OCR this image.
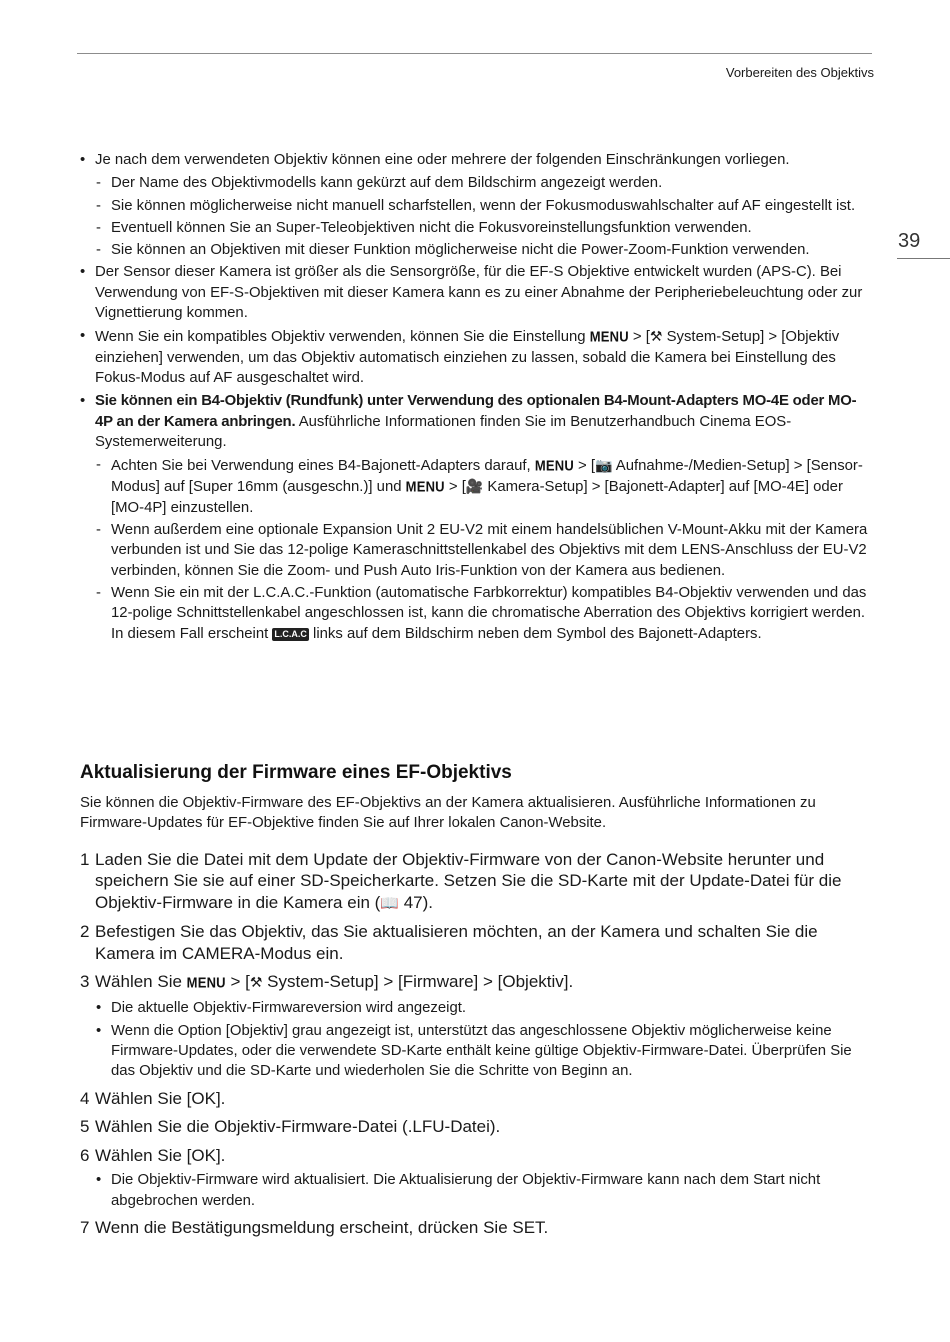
Vorbereiten des Objektivs
39
• Je nach dem verwendeten Objektiv können eine oder mehrere der folgenden Einschränkungen vorliegen.
- Der Name des Objektivmodells kann gekürzt auf dem Bildschirm angezeigt werden.
- Sie können möglicherweise nicht manuell scharfstellen, wenn der Fokusmoduswahlschalter auf AF eingestellt ist.
- Eventuell können Sie an Super-Teleobjektiven nicht die Fokusvoreinstellungsfunktion verwenden.
- Sie können an Objektiven mit dieser Funktion möglicherweise nicht die Power-Zoom-Funktion verwenden.
• Der Sensor dieser Kamera ist größer als die Sensorgröße, für die EF-S Objektive entwickelt wurden (APS-C). Bei Verwendung von EF-S-Objektiven mit dieser Kamera kann es zu einer Abnahme der Peripheriebeleuchtung oder zur Vignettierung kommen.
• Wenn Sie ein kompatibles Objektiv verwenden, können Sie die Einstellung MENU > [⚒ System-Setup] > [Objektiv einziehen] verwenden, um das Objektiv automatisch einziehen zu lassen, sobald die Kamera bei Einstellung des Fokus-Modus auf AF ausgeschaltet wird.
• Sie können ein B4-Objektiv (Rundfunk) unter Verwendung des optionalen B4-Mount-Adapters MO-4E oder MO-4P an der Kamera anbringen. Ausführliche Informationen finden Sie im Benutzerhandbuch Cinema EOS-Systemerweiterung.
- Achten Sie bei Verwendung eines B4-Bajonett-Adapters darauf, MENU > [📷 Aufnahme-/Medien-Setup] > [Sensor-Modus] auf [Super 16mm (ausgeschn.)] und MENU > [🎥 Kamera-Setup] > [Bajonett-Adapter] auf [MO-4E] oder [MO-4P] einzustellen.
- Wenn außerdem eine optionale Expansion Unit 2 EU-V2 mit einem handelsüblichen V-Mount-Akku mit der Kamera verbunden ist und Sie das 12-polige Kameraschnittstellenkabel des Objektivs mit dem LENS-Anschluss der EU-V2 verbinden, können Sie die Zoom- und Push Auto Iris-Funktion von der Kamera aus bedienen.
- Wenn Sie ein mit der L.C.A.C.-Funktion (automatische Farbkorrektur) kompatibles B4-Objektiv verwenden und das 12-polige Schnittstellenkabel angeschlossen ist, kann die chromatische Aberration des Objektivs korrigiert werden. In diesem Fall erscheint L.C.A.C links auf dem Bildschirm neben dem Symbol des Bajonett-Adapters.
Aktualisierung der Firmware eines EF-Objektivs
Sie können die Objektiv-Firmware des EF-Objektivs an der Kamera aktualisieren. Ausführliche Informationen zu Firmware-Updates für EF-Objektive finden Sie auf Ihrer lokalen Canon-Website.
1 Laden Sie die Datei mit dem Update der Objektiv-Firmware von der Canon-Website herunter und speichern Sie sie auf einer SD-Speicherkarte. Setzen Sie die SD-Karte mit der Update-Datei für die Objektiv-Firmware in die Kamera ein (📖 47).
2 Befestigen Sie das Objektiv, das Sie aktualisieren möchten, an der Kamera und schalten Sie die Kamera im CAMERA-Modus ein.
3 Wählen Sie MENU > [⚒ System-Setup] > [Firmware] > [Objektiv].
• Die aktuelle Objektiv-Firmwareversion wird angezeigt.
• Wenn die Option [Objektiv] grau angezeigt ist, unterstützt das angeschlossene Objektiv möglicherweise keine Firmware-Updates, oder die verwendete SD-Karte enthält keine gültige Objektiv-Firmware-Datei. Überprüfen Sie das Objektiv und die SD-Karte und wiederholen Sie die Schritte von Beginn an.
4 Wählen Sie [OK].
5 Wählen Sie die Objektiv-Firmware-Datei (.LFU-Datei).
6 Wählen Sie [OK].
• Die Objektiv-Firmware wird aktualisiert. Die Aktualisierung der Objektiv-Firmware kann nach dem Start nicht abgebrochen werden.
7 Wenn die Bestätigungsmeldung erscheint, drücken Sie SET.
